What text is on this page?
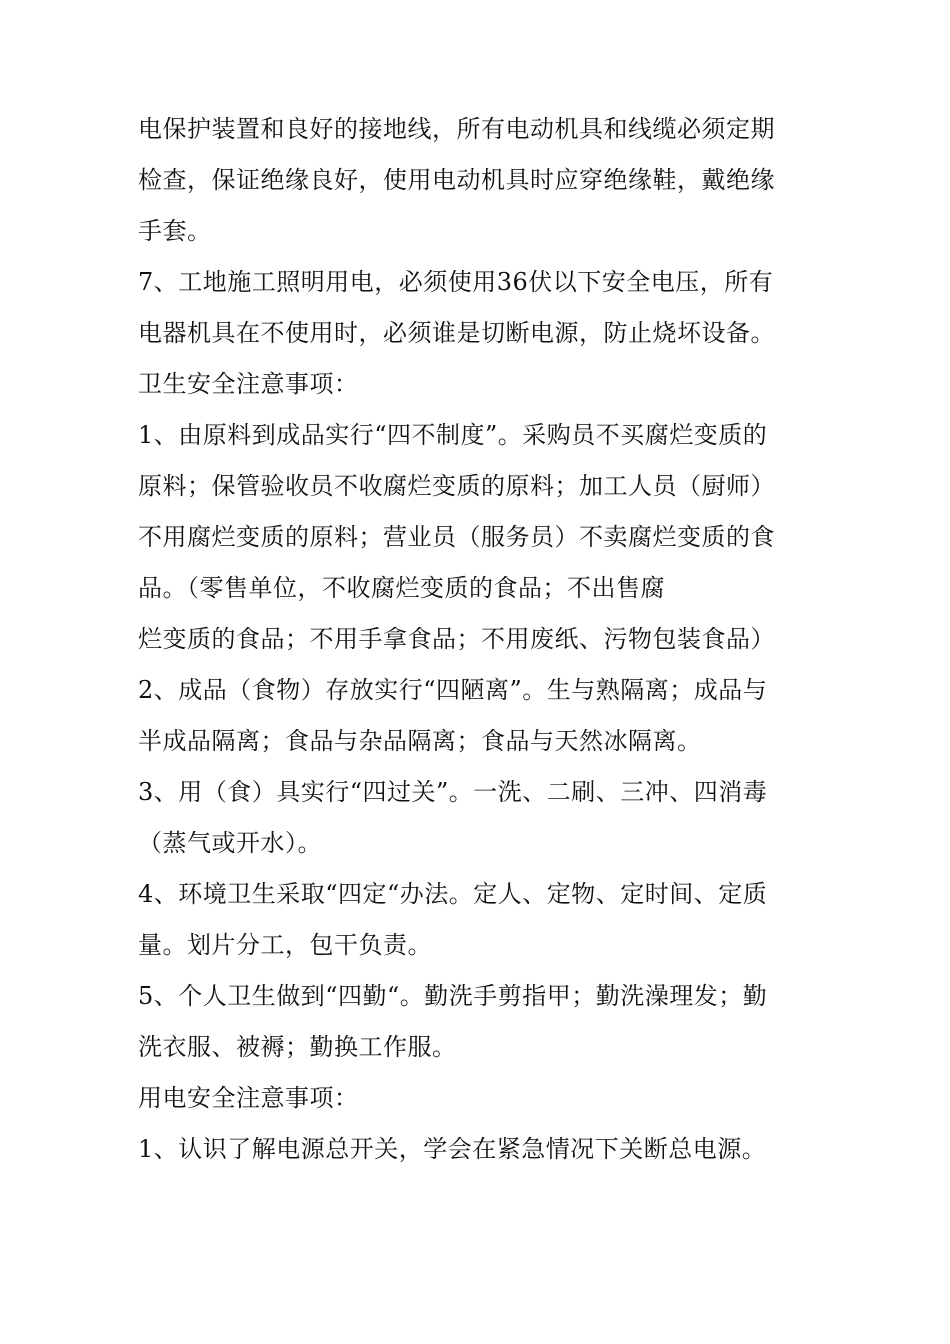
电保护装置和良好的接地线，所有电动机具和线缆必须定期
检查，保证绝缘良好，使用电动机具时应穿绝缘鞋，戴绝缘
手套。
7、工地施工照明用电，必须使用36伏以下安全电压，所有
电器机具在不使用时，必须谁是切断电源，防止烧坏设备。
卫生安全注意事项：
1、由原料到成品实行“四不制度”。采购员不买腐烂变质的
原料；保管验收员不收腐烂变质的原料；加工人员（厨师）
不用腐烂变质的原料；营业员（服务员）不卖腐烂变质的食
品。（零售单位，不收腐烂变质的食品；不出售腐
烂变质的食品；不用手拿食品；不用废纸、污物包装食品）
2、成品（食物）存放实行“四陋离”。生与熟隔离；成品与
半成品隔离；食品与杂品隔离；食品与天然冰隔离。
3、用（食）具实行“四过关”。一洗、二刷、三冲、四消毒
（蒸气或开水）。
4、环境卫生采取“四定“办法。定人、定物、定时间、定质
量。划片分工，包干负责。
5、个人卫生做到“四勤“。勤洗手剪指甲；勤洗澡理发；勤
洗衣服、被褥；勤换工作服。
用电安全注意事项：
1、认识了解电源总开关，学会在紧急情况下关断总电源。
